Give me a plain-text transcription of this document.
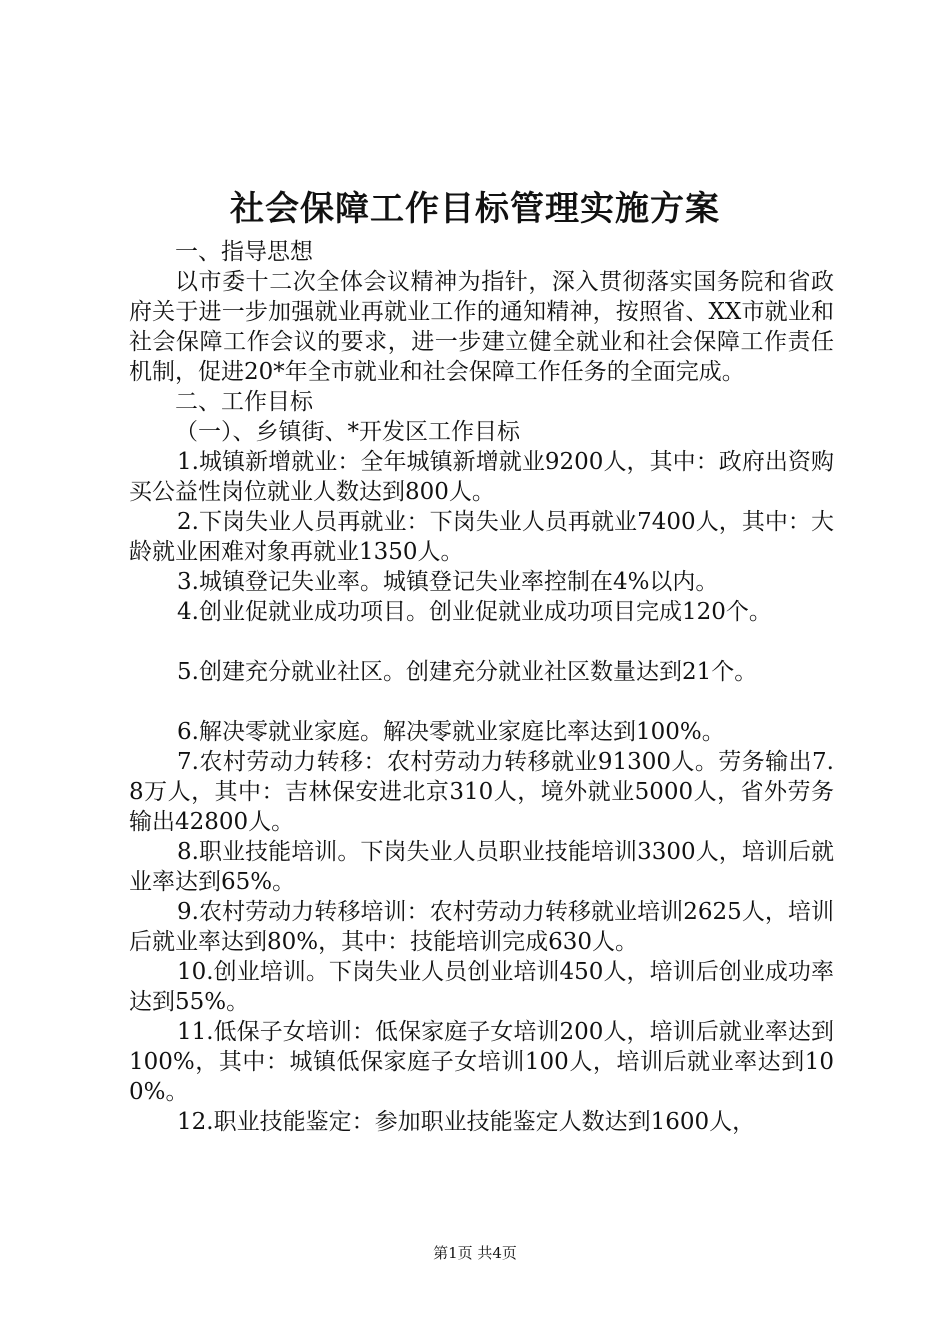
社会保障工作目标管理实施方案

一、指导思想

以市委十二次全体会议精神为指针，深入贯彻落实国务院和省政府关于进一步加强就业再就业工作的通知精神，按照省、XX市就业和社会保障工作会议的要求，进一步建立健全就业和社会保障工作责任机制，促进20*年全市就业和社会保障工作任务的全面完成。

二、工作目标

（一）、乡镇街、*开发区工作目标

1.城镇新增就业：全年城镇新增就业9200人，其中：政府出资购买公益性岗位就业人数达到800人。

2.下岗失业人员再就业：下岗失业人员再就业7400人，其中：大龄就业困难对象再就业1350人。

3.城镇登记失业率。城镇登记失业率控制在4%以内。

4.创业促就业成功项目。创业促就业成功项目完成120个。

5.创建充分就业社区。创建充分就业社区数量达到21个。

6.解决零就业家庭。解决零就业家庭比率达到100%。

7.农村劳动力转移：农村劳动力转移就业91300人。劳务输出7.8万人，其中：吉林保安进北京310人，境外就业5000人，省外劳务输出42800人。

8.职业技能培训。下岗失业人员职业技能培训3300人，培训后就业率达到65%。

9.农村劳动力转移培训：农村劳动力转移就业培训2625人，培训后就业率达到80%，其中：技能培训完成630人。

10.创业培训。下岗失业人员创业培训450人，培训后创业成功率达到55%。

11.低保子女培训：低保家庭子女培训200人，培训后就业率达到100%，其中：城镇低保家庭子女培训100人，培训后就业率达到100%。

12.职业技能鉴定：参加职业技能鉴定人数达到1600人，

第1页 共4页
